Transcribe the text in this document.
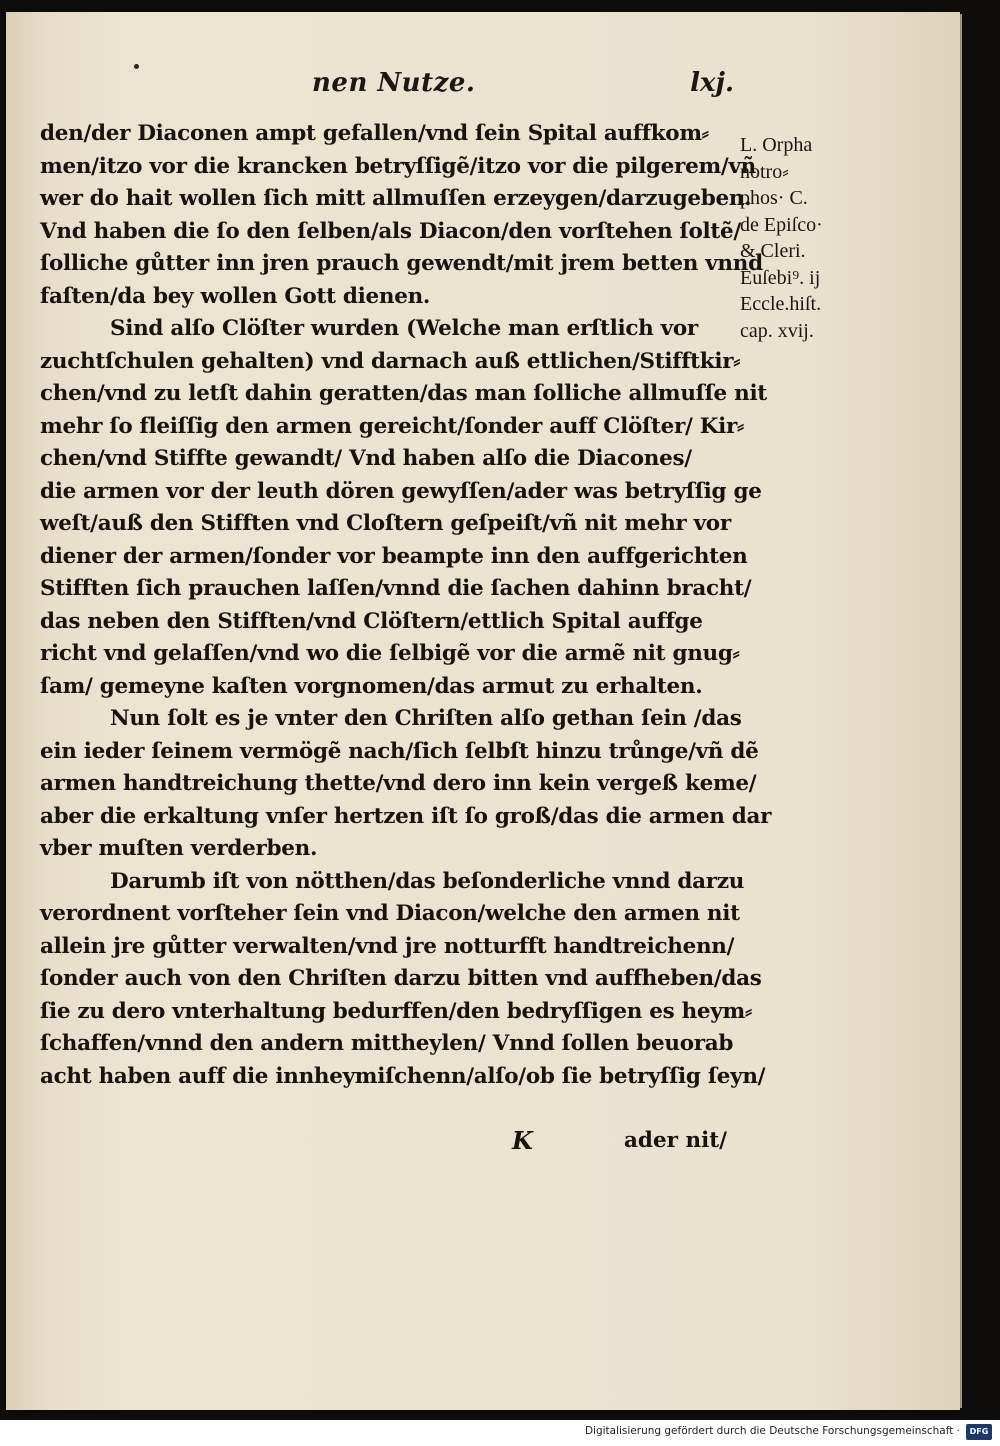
nen Nutze.	lxj.
den/der Diaconen ampt gefallen/vnd ſein Spital auffkom⸗
men/itzo vor die krancken betryſſigẽ/itzo vor die pilgerem/vñ
wer do hait wollen ſich mitt allmuſſen erzeygen/darzugeben.
Vnd haben die ſo den ſelben/als Diacon/den vorſtehen ſoltẽ/
ſolliche gůtter inn jren prauch gewendt/mit jrem betten vnnd
faſten/da bey wollen Gott dienen.
Sind alſo Clöſter wurden (Welche man erſtlich vor
zuchtſchulen gehalten) vnd darnach auß ettlichen/Stifftkir⸗
chen/vnd zu letſt dahin geratten/das man ſolliche allmuſſe nit
mehr ſo fleiſſig den armen gereicht/ſonder auff Clöſter/ Kir⸗
chen/vnd Stiffte gewandt/ Vnd haben alſo die Diacones/
die armen vor der leuth dören gewyſſen/ader was betryſſig ge
weſt/auß den Stifften vnd Cloſtern geſpeiſt/vñ nit mehr vor
diener der armen/ſonder vor beampte inn den auffgerichten
Stifften ſich prauchen laſſen/vnnd die ſachen dahinn bracht/
das neben den Stifften/vnd Clöſtern/ettlich Spital auffge
richt vnd gelaſſen/vnd wo die ſelbigẽ vor die armẽ nit gnug⸗
ſam/ gemeyne kaſten vorgnomen/das armut zu erhalten.
Nun ſolt es je vnter den Chriſten alſo gethan ſein /das
ein ieder ſeinem vermögẽ nach/ſich ſelbſt hinzu trůnge/vñ dẽ
armen handtreichung thette/vnd dero inn kein vergeß keme/
aber die erkaltung vnſer hertzen iſt ſo groß/das die armen dar
vber muſten verderben.
Darumb iſt von nötthen/das beſonderliche vnnd darzu
verordnent vorſteher ſein vnd Diacon/welche den armen nit
allein jre gůtter verwalten/vnd jre notturfft handtreichenn/
ſonder auch von den Chriſten darzu bitten vnd auffheben/das
ſie zu dero vnterhaltung bedurffen/den bedryſſigen es heym⸗
ſchaffen/vnnd den andern mittheylen/ Vnnd ſollen beuorab
acht haben auff die innheymiſchenn/alſo/ob ſie betryſſig ſeyn/
L. Orpha
notro⸗
phos· C.
de Epiſco·
& Cleri.
Euſebi⁹. ij
Eccle.hiſt.
cap. xvij.
K	ader nit/
Digitalisierung gefördert durch die Deutsche Forschungsgemeinschaft ·	DFG
